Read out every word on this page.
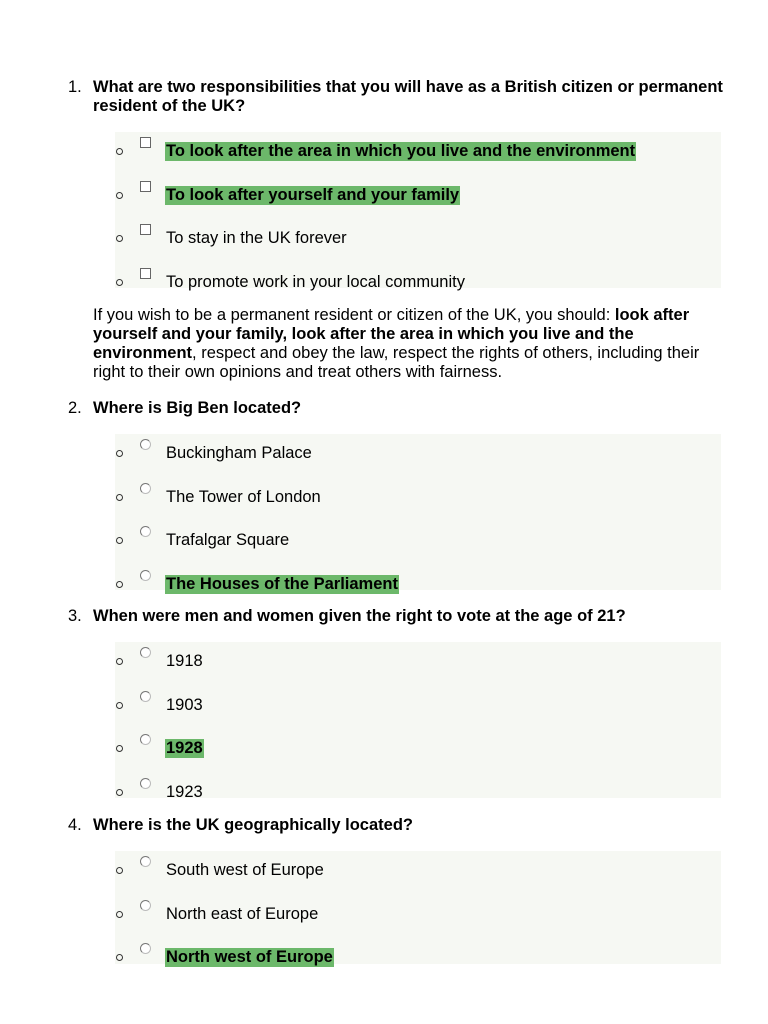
1. What are two responsibilities that you will have as a British citizen or permanent resident of the UK?
To look after the area in which you live and the environment
To look after yourself and your family
To stay in the UK forever
To promote work in your local community
If you wish to be a permanent resident or citizen of the UK, you should: look after yourself and your family, look after the area in which you live and the environment, respect and obey the law, respect the rights of others, including their right to their own opinions and treat others with fairness.
2. Where is Big Ben located?
Buckingham Palace
The Tower of London
Trafalgar Square
The Houses of the Parliament
3. When were men and women given the right to vote at the age of 21?
1918
1903
1928
1923
4. Where is the UK geographically located?
South west of Europe
North east of Europe
North west of Europe
